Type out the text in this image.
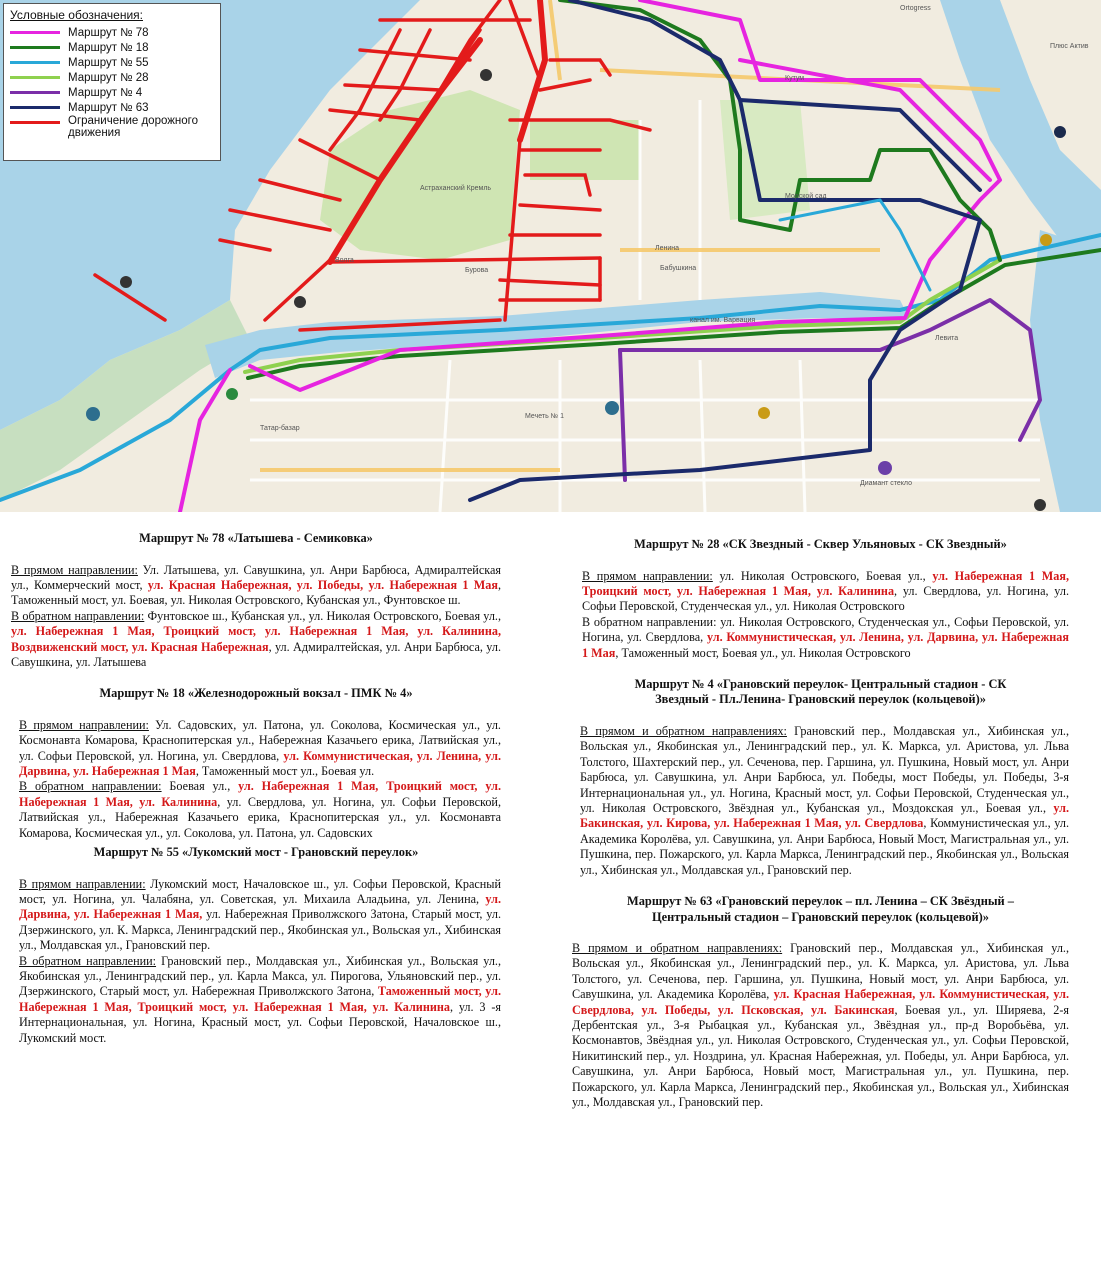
Астраханский Кремль
Волга
Ленина
Бурова
Татар-базар
Морской сад
Кутум
Мечеть № 1
Левита
Диамант стекло
Ortogress
Плюс Актив
Бабушкина
канал им. Варвация
Условные обозначения:
Маршрут № 78
Маршрут № 18
Маршрут № 55
Маршрут № 28
Маршрут № 4
Маршрут № 63
Ограничение дорожного движения
Маршрут № 78 «Латышева - Семиковка»

В прямом направлении: Ул. Латышева, ул. Савушкина, ул. Анри Барбюса, Адмиралтейская ул., Коммерческий мост, ул. Красная Набережная, ул. Победы, ул. Набережная 1 Мая, Таможенный мост, ул. Боевая, ул. Николая Островского, Кубанская ул., Фунтовское ш.

В обратном направлении: Фунтовское ш., Кубанская ул., ул. Николая Островского, Боевая ул., ул. Набережная 1 Мая, Троицкий мост, ул. Набережная 1 Мая, ул. Калинина, Воздвиженский мост, ул. Красная Набережная, ул. Адмиралтейская, ул. Анри Барбюса, ул. Савушкина, ул. Латышева

Маршрут № 18 «Железнодорожный вокзал - ПМК № 4»

В прямом направлении: Ул. Садовских, ул. Патона, ул. Соколова, Космическая ул., ул. Космонавта Комарова, Краснопитерская ул., Набережная Казачьего ерика, Латвийская ул., ул. Софьи Перовской, ул. Ногина, ул. Свердлова, ул. Коммунистическая, ул. Ленина, ул. Дарвина, ул. Набережная 1 Мая, Таможенный мост ул., Боевая ул.

В обратном направлении: Боевая ул., ул. Набережная 1 Мая, Троицкий мост, ул. Набережная 1 Мая, ул. Калинина, ул. Свердлова, ул. Ногина, ул. Софьи Перовской, Латвийская ул., Набережная Казачьего ерика, Краснопитерская ул., ул. Космонавта Комарова, Космическая ул., ул. Соколова, ул. Патона, ул. Садовских

Маршрут № 55 «Лукомский мост - Грановский переулок»

В прямом направлении: Лукомский мост, Началовское ш., ул. Софьи Перовской, Красный мост, ул. Ногина, ул. Чалабяна, ул. Советская, ул. Михаила Аладьина, ул. Ленина, ул. Дарвина, ул. Набережная 1 Мая, ул. Набережная Приволжского Затона, Старый мост, ул. Дзержинского, ул. К. Маркса, Ленинградский пер., Якобинская ул., Вольская ул., Хибинская ул., Молдавская ул., Грановский пер.

В обратном направлении: Грановский пер., Молдавская ул., Хибинская ул., Вольская ул., Якобинская ул., Ленинградский пер., ул. Карла Макса, ул. Пирогова, Ульяновский пер., ул. Дзержинского, Старый мост, ул. Набережная Приволжского Затона, Таможенный мост, ул. Набережная 1 Мая, Троицкий мост, ул. Набережная 1 Мая, ул. Калинина, ул. 3 -я Интернациональная, ул. Ногина, Красный мост, ул. Софьи Перовской, Началовское ш., Лукомский мост.

Маршрут № 28 «СК Звездный - Сквер Ульяновых - СК Звездный»

В прямом направлении: ул. Николая Островского, Боевая ул., ул. Набережная 1 Мая, Троицкий мост, ул. Набережная 1 Мая, ул. Калинина, ул. Свердлова, ул. Ногина, ул. Софьи Перовской, Студенческая ул., ул. Николая Островского

В обратном направлении: ул. Николая Островского, Студенческая ул., Софьи Перовской, ул. Ногина, ул. Свердлова, ул. Коммунистическая, ул. Ленина, ул. Дарвина, ул. Набережная 1 Мая, Таможенный мост, Боевая ул., ул. Николая Островского

Маршрут № 4 «Грановский переулок- Центральный стадион - СК Звездный - Пл.Ленина- Грановский переулок (кольцевой)»

В прямом и обратном направлениях: Грановский пер., Молдавская ул., Хибинская ул., Вольская ул., Якобинская ул., Ленинградский пер., ул. К. Маркса, ул. Аристова, ул. Льва Толстого, Шахтерский пер., ул. Сеченова, пер. Гаршина, ул. Пушкина, Новый мост, ул. Анри Барбюса, ул. Савушкина, ул. Анри Барбюса, ул. Победы, мост Победы, ул. Победы, 3-я Интернациональная ул., ул. Ногина, Красный мост, ул. Софьи Перовской, Студенческая ул., ул. Николая Островского, Звёздная ул., Кубанская ул., Моздокская ул., Боевая ул., ул. Бакинская, ул. Кирова, ул. Набережная 1 Мая, ул. Свердлова, Коммунистическая ул., ул. Академика Королёва, ул. Савушкина, ул. Анри Барбюса, Новый Мост, Магистральная ул., ул. Пушкина, пер. Пожарского, ул. Карла Маркса, Ленинградский пер., Якобинская ул., Вольская ул., Хибинская ул., Молдавская ул., Грановский пер.

Маршрут № 63 «Грановский переулок – пл. Ленина – СК Звёздный – Центральный стадион – Грановский переулок (кольцевой)»

В прямом и обратном направлениях: Грановский пер., Молдавская ул., Хибинская ул., Вольская ул., Якобинская ул., Ленинградский пер., ул. К. Маркса, ул. Аристова, ул. Льва Толстого, ул. Сеченова, пер. Гаршина, ул. Пушкина, Новый мост, ул. Анри Барбюса, ул. Савушкина, ул. Академика Королёва, ул. Красная Набережная, ул. Коммунистическая, ул. Свердлова, ул. Победы, ул. Псковская, ул. Бакинская, Боевая ул., ул. Ширяева, 2-я Дербентская ул., 3-я Рыбацкая ул., Кубанская ул., Звёздная ул., пр-д Воробьёва, ул. Космонавтов, Звёздная ул., ул. Николая Островского, Студенческая ул., ул. Софьи Перовской, Никитинский пер., ул. Ноздрина, ул. Красная Набережная, ул. Победы, ул. Анри Барбюса, ул. Савушкина, ул. Анри Барбюса, Новый мост, Магистральная ул., ул. Пушкина, пер. Пожарского, ул. Карла Маркса, Ленинградский пер., Якобинская ул., Вольская ул., Хибинская ул., Молдавская ул., Грановский пер.
